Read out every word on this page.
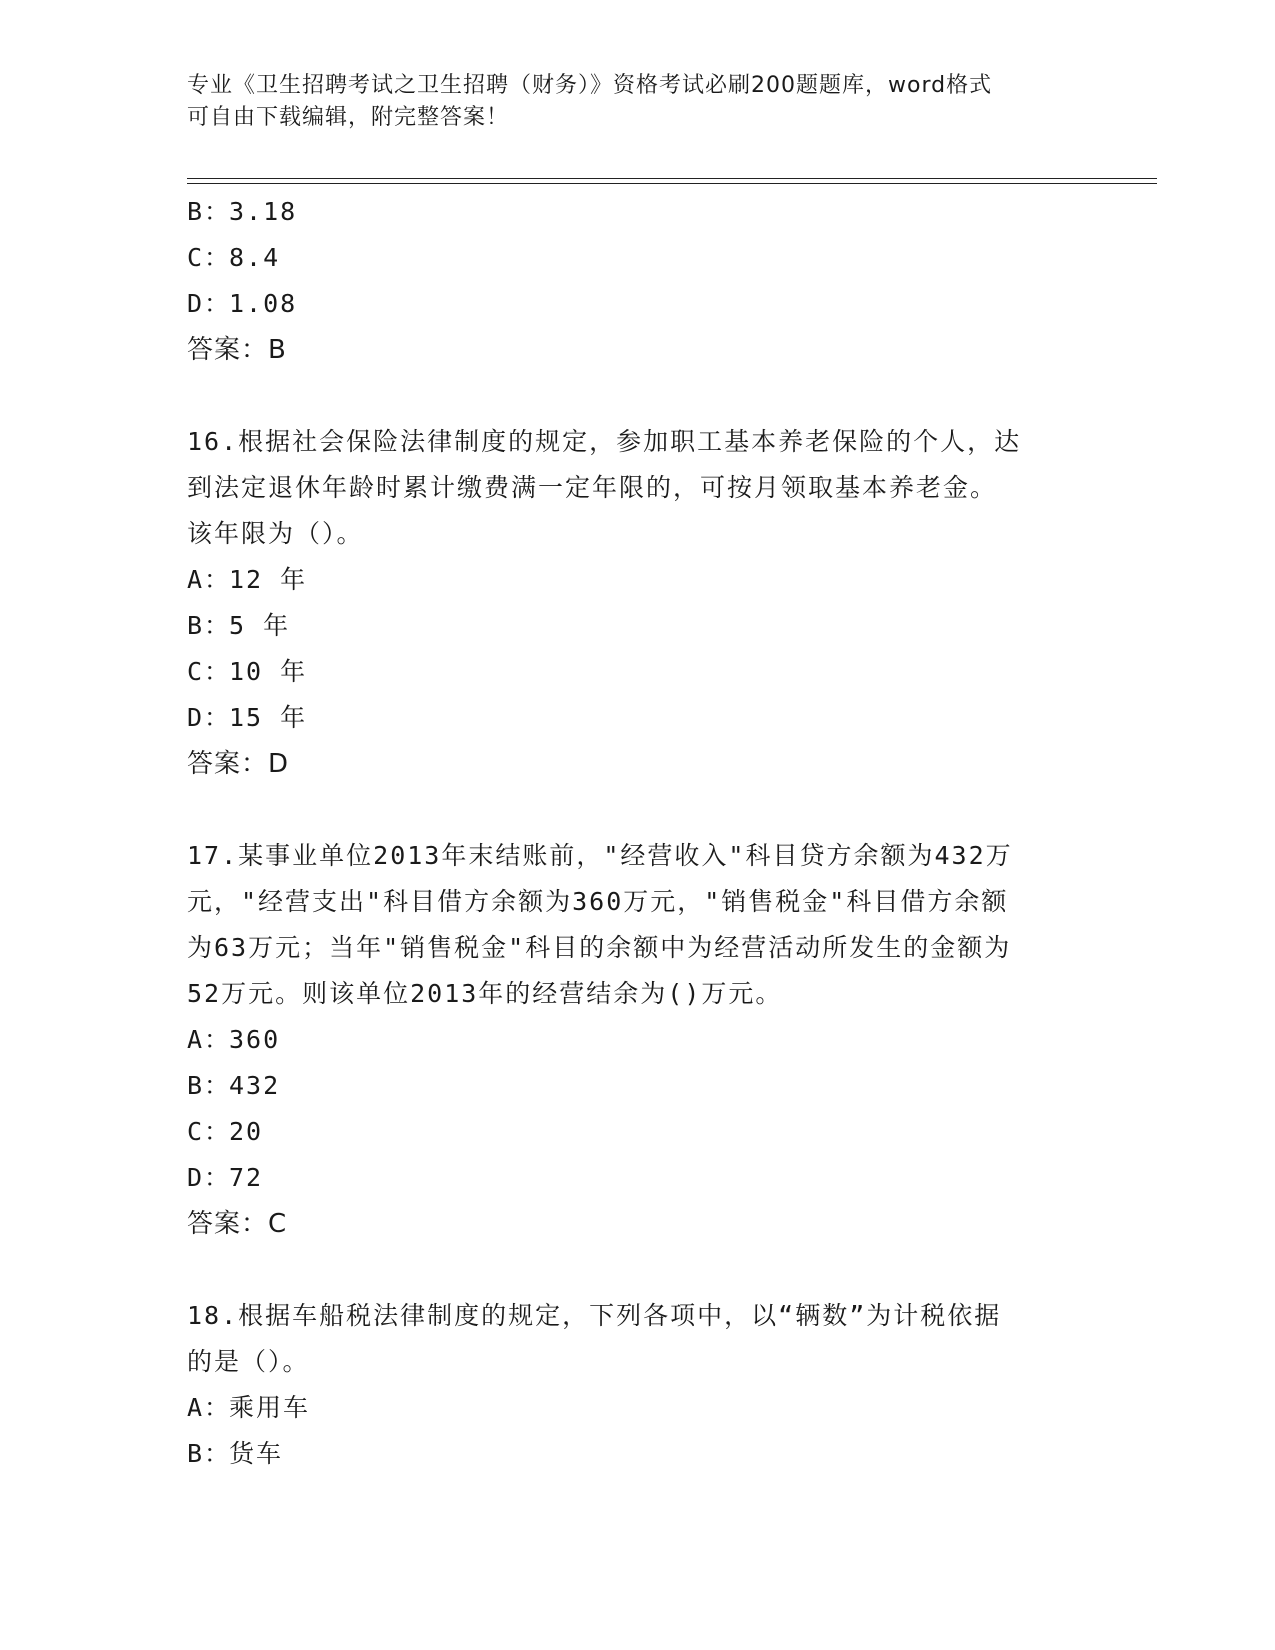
专业《卫生招聘考试之卫生招聘（财务）》资格考试必刷200题题库，word格式
可自由下载编辑，附完整答案！
B：3.18
C：8.4
D：1.08
答案：B
16.根据社会保险法律制度的规定，参加职工基本养老保险的个人，达
到法定退休年龄时累计缴费满一定年限的，可按月领取基本养老金。
该年限为（）。
A：12 年
B：5 年
C：10 年
D：15 年
答案：D
17.某事业单位2013年末结账前，"经营收入"科目贷方余额为432万
元，"经营支出"科目借方余额为360万元，"销售税金"科目借方余额
为63万元；当年"销售税金"科目的余额中为经营活动所发生的金额为
52万元。则该单位2013年的经营结余为()万元。
A：360
B：432
C：20
D：72
答案：C
18.根据车船税法律制度的规定，下列各项中，以“辆数”为计税依据
的是（）。
A：乘用车
B：货车
